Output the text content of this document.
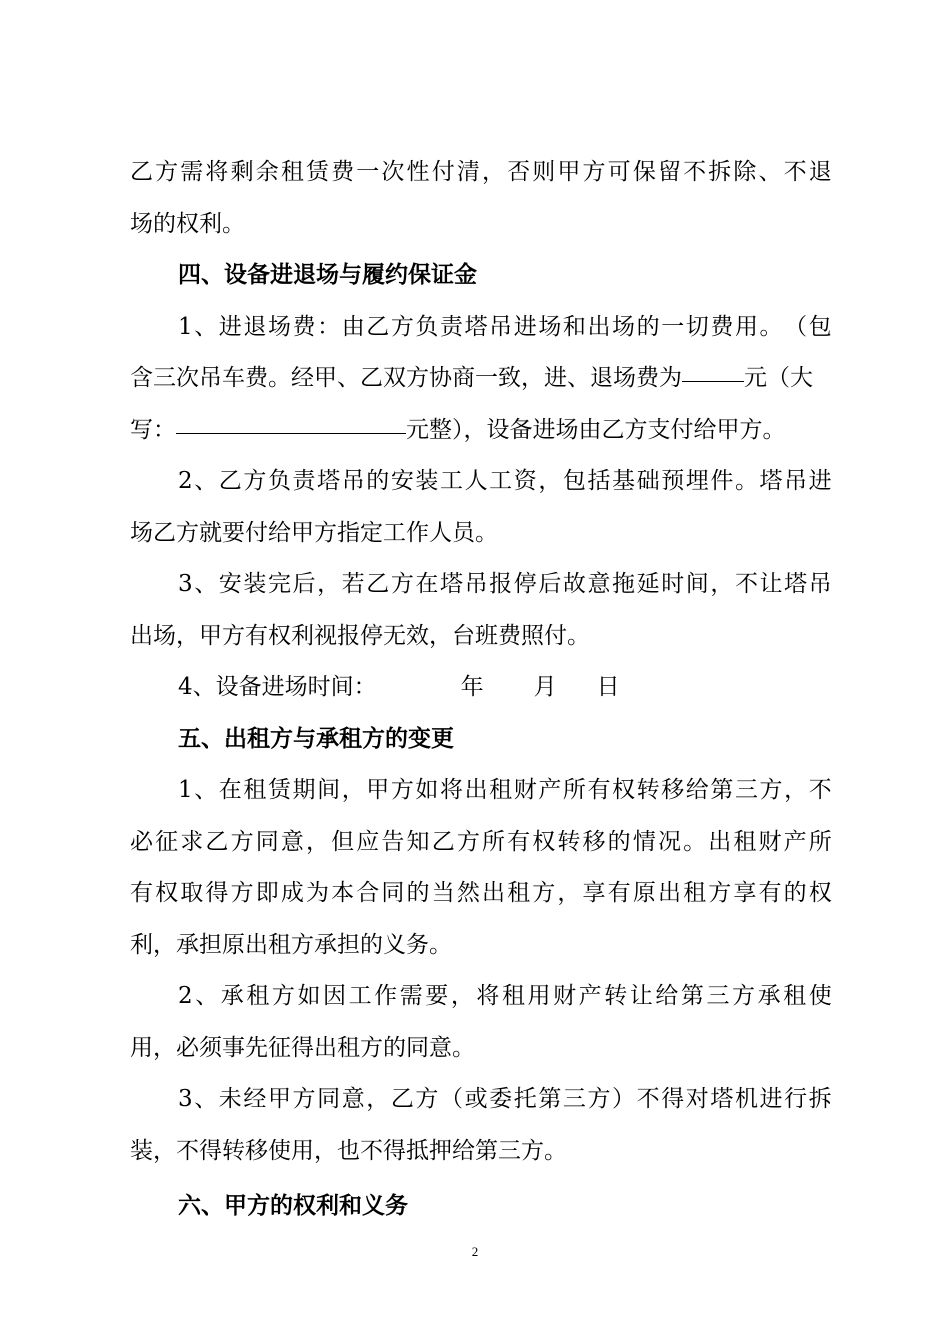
乙 方 需 将 剩 余 租 赁 费 一 次 性 付 清 ， 否 则 甲 方 可 保 留 不 拆 除 、 不 退
场的权利。
四、设备进退场与履约保证金
1 、 进 退 场 费 ： 由 乙 方 负 责 塔 吊 进 场 和 出 场 的 一 切 费 用 。 （ 包
含三次吊车费。经甲、乙双方协商一致，进、退场费为	元（大
写：	元整），设备进场由乙方支付给甲方。
2 、 乙 方 负 责 塔 吊 的 安 装 工 人 工 资 ， 包 括 基 础 预 埋 件 。 塔 吊 进
场乙方就要付给甲方指定工作人员。
3 、 安 装 完 后 ， 若 乙 方 在 塔 吊 报 停 后 故 意 拖 延 时 间 ， 不 让 塔 吊
出场，甲方有权利视报停无效，台班费照付。
4、设备进场时间：	年 月 日
五、出租方与承租方的变更
1 、 在 租 赁 期 间 ， 甲 方 如 将 出 租 财 产 所 有 权 转 移 给 第 三 方 ， 不
必 征 求 乙 方 同 意 ， 但 应 告 知 乙 方 所 有 权 转 移 的 情 况 。 出 租 财 产 所
有 权 取 得 方 即 成 为 本 合 同 的 当 然 出 租 方 ， 享 有 原 出 租 方 享 有 的 权
利，承担原出租方承担的义务。
2 、 承 租 方 如 因 工 作 需 要 ， 将 租 用 财 产 转 让 给 第 三 方 承 租 使
用，必须事先征得出租方的同意。
3 、 未 经 甲 方 同 意 ， 乙 方 （ 或 委 托 第 三 方 ） 不 得 对 塔 机 进 行 拆
装，不得转移使用，也不得抵押给第三方。
六、甲方的权利和义务
2
